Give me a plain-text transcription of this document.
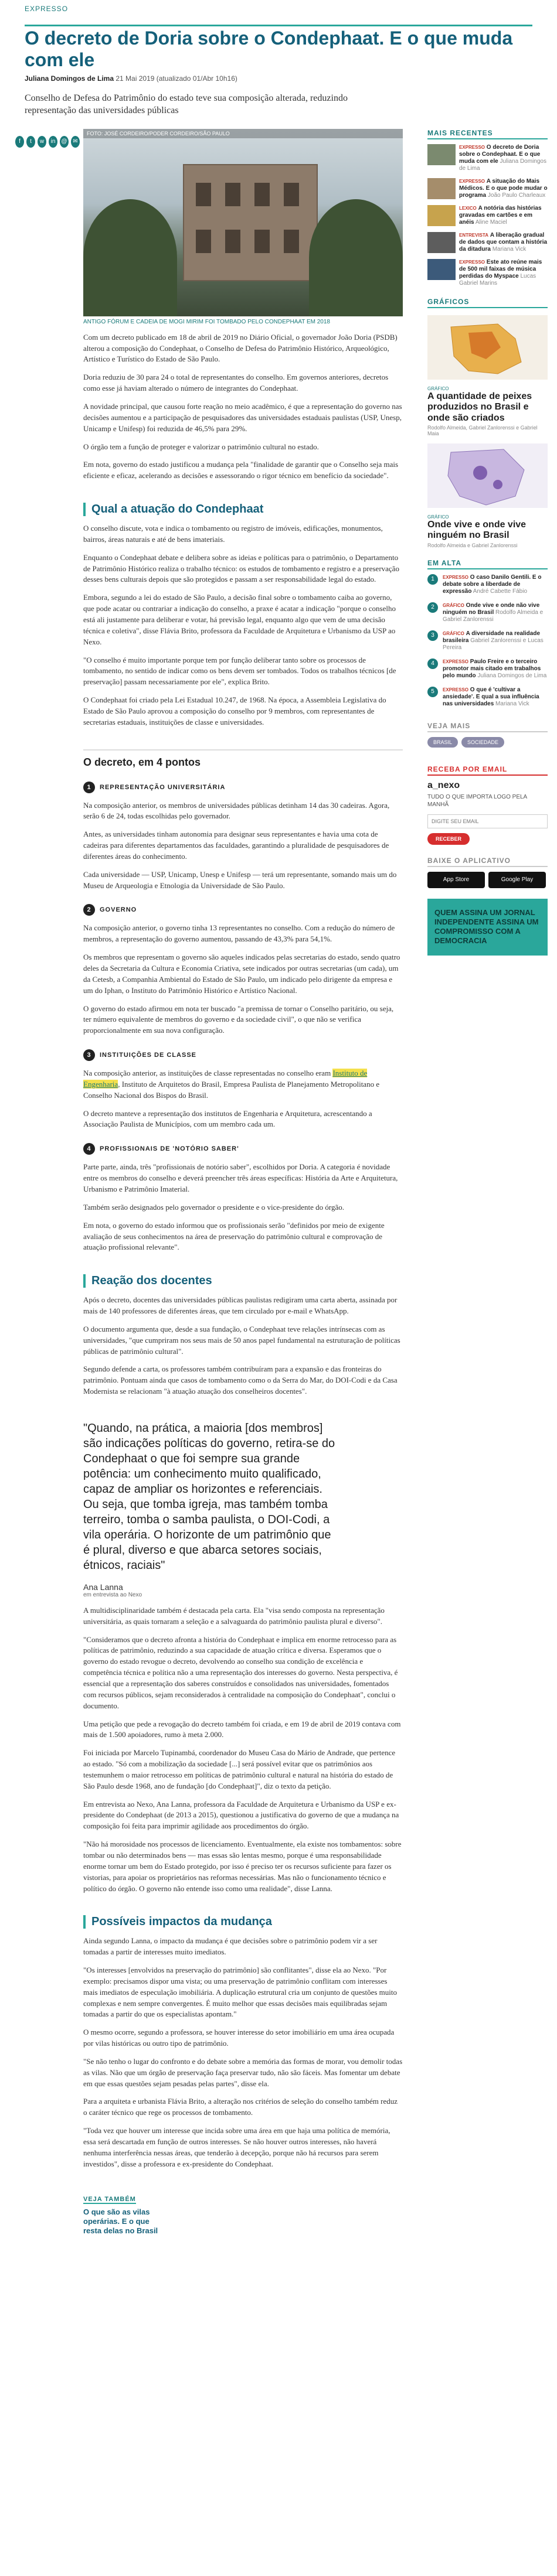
EXPRESSO

O decreto de Doria sobre o Condephaat. E o que muda com ele
Juliana Domingos de Lima 21 Mai 2019 (atualizado 01/Abr 10h16)

Conselho de Defesa do Patrimônio do estado teve sua composição alterada, reduzindo representação das universidades públicas

f	t	w	in	@ ✉
FOTO: JOSÉ CORDEIRO/PODER CORDEIRO/SÃO PAULO
ANTIGO FÓRUM E CADEIA DE MOGI MIRIM FOI TOMBADO PELO CONDEPHAAT EM 2018

Com um decreto publicado em 18 de abril de 2019 no Diário Oficial, o governador João Doria (PSDB) alterou a composição do Condephaat, o Conselho de Defesa do Patrimônio Histórico, Arqueológico, Artístico e Turístico do Estado de São Paulo.

Doria reduziu de 30 para 24 o total de representantes do conselho. Em governos anteriores, decretos como esse já haviam alterado o número de integrantes do Condephaat.

A novidade principal, que causou forte reação no meio acadêmico, é que a representação do governo nas decisões aumentou e a participação de pesquisadores das universidades estaduais paulistas (USP, Unesp, Unicamp e Unifesp) foi reduzida de 46,5% para 29%.

O órgão tem a função de proteger e valorizar o patrimônio cultural no estado.

Em nota, governo do estado justificou a mudança pela "finalidade de garantir que o Conselho seja mais eficiente e eficaz, acelerando as decisões e assessorando o rigor técnico em benefício da sociedade".

Qual a atuação do Condephaat

O conselho discute, vota e indica o tombamento ou registro de imóveis, edificações, monumentos, bairros, áreas naturais e até de bens imateriais.

Enquanto o Condephaat debate e delibera sobre as ideias e políticas para o patrimônio, o Departamento de Patrimônio Histórico realiza o trabalho técnico: os estudos de tombamento e registro e a preservação desses bens culturais depois que são protegidos e passam a ser responsabilidade legal do estado.

Embora, segundo a lei do estado de São Paulo, a decisão final sobre o tombamento caiba ao governo, que pode acatar ou contrariar a indicação do conselho, a praxe é acatar a indicação "porque o conselho está ali justamente para deliberar e votar, há previsão legal, enquanto algo que vem de uma decisão técnica e coletiva", disse Flávia Brito, professora da Faculdade de Arquitetura e Urbanismo da USP ao Nexo.

"O conselho é muito importante porque tem por função deliberar tanto sobre os processos de tombamento, no sentido de indicar como os bens devem ser tombados. Todos os trabalhos técnicos [de preservação] passam necessariamente por ele", explica Brito.

O Condephaat foi criado pela Lei Estadual 10.247, de 1968. Na época, a Assembleia Legislativa do Estado de São Paulo aprovou a composição do conselho por 9 membros, com representantes de secretarias estaduais, instituições de classe e universidades.

O decreto, em 4 pontos
1	REPRESENTAÇÃO UNIVERSITÁRIA

Na composição anterior, os membros de universidades públicas detinham 14 das 30 cadeiras. Agora, serão 6 de 24, todas escolhidas pelo governador.

Antes, as universidades tinham autonomia para designar seus representantes e havia uma cota de cadeiras para diferentes departamentos das faculdades, garantindo a pluralidade de pesquisadores de diferentes áreas do conhecimento.

Cada universidade — USP, Unicamp, Unesp e Unifesp — terá um representante, somando mais um do Museu de Arqueologia e Etnologia da Universidade de São Paulo.

2	GOVERNO

Na composição anterior, o governo tinha 13 representantes no conselho. Com a redução do número de membros, a representação do governo aumentou, passando de 43,3% para 54,1%.

Os membros que representam o governo são aqueles indicados pelas secretarias do estado, sendo quatro deles da Secretaria da Cultura e Economia Criativa, sete indicados por outras secretarias (um cada), um da Cetesb, a Companhia Ambiental do Estado de São Paulo, um indicado pelo dirigente da empresa e um do Iphan, o Instituto do Patrimônio Histórico e Artístico Nacional.

O governo do estado afirmou em nota ter buscado "a premissa de tornar o Conselho paritário, ou seja, ter número equivalente de membros do governo e da sociedade civil", o que não se verifica proporcionalmente em sua nova configuração.

3	INSTITUIÇÕES DE CLASSE

Na composição anterior, as instituições de classe representadas no conselho eram Instituto de Engenharia, Instituto de Arquitetos do Brasil, Empresa Paulista de Planejamento Metropolitano e Conselho Nacional dos Bispos do Brasil.

O decreto manteve a representação dos institutos de Engenharia e Arquitetura, acrescentando a Associação Paulista de Municípios, com um membro cada um.

4	PROFISSIONAIS DE 'NOTÓRIO SABER'

Parte parte, ainda, três "profissionais de notório saber", escolhidos por Doria. A categoria é novidade entre os membros do conselho e deverá preencher três áreas específicas: História da Arte e Arquitetura, Urbanismo e Patrimônio Imaterial.

Também serão designados pelo governador o presidente e o vice-presidente do órgão.

Em nota, o governo do estado informou que os profissionais serão "definidos por meio de exigente avaliação de seus conhecimentos na área de preservação do patrimônio cultural e comprovação de atuação profissional relevante".

Reação dos docentes

Após o decreto, docentes das universidades públicas paulistas redigiram uma carta aberta, assinada por mais de 140 professores de diferentes áreas, que tem circulado por e-mail e WhatsApp.

O documento argumenta que, desde a sua fundação, o Condephaat teve relações intrínsecas com as universidades, "que cumpriram nos seus mais de 50 anos papel fundamental na estruturação de políticas públicas de patrimônio cultural".

Segundo defende a carta, os professores também contribuíram para a expansão e das fronteiras do patrimônio. Pontuam ainda que casos de tombamento como o da Serra do Mar, do DOI-Codi e da Casa Modernista se relacionam "à atuação atuação dos conselheiros docentes".

"Quando, na prática, a maioria [dos membros] são indicações políticas do governo, retira-se do Condephaat o que foi sempre sua grande potência: um conhecimento muito qualificado, capaz de ampliar os horizontes e referenciais. Ou seja, que tomba igreja, mas também tomba terreiro, tomba o samba paulista, o DOI-Codi, a vila operária. O horizonte de um patrimônio que é plural, diverso e que abarca setores sociais, étnicos, raciais"
Ana Lanna
em entrevista ao Nexo

A multidisciplinaridade também é destacada pela carta. Ela "visa sendo composta na representação universitária, as quais tornaram a seleção e a salvaguarda do patrimônio paulista plural e diverso".

"Consideramos que o decreto afronta a história do Condephaat e implica em enorme retrocesso para as políticas de patrimônio, reduzindo a sua capacidade de atuação crítica e diversa. Esperamos que o governo do estado revogue o decreto, devolvendo ao conselho sua condição de excelência e competência técnica e política não a uma representação dos interesses do governo. Nesta perspectiva, é essencial que a representação dos saberes construídos e consolidados nas universidades, fomentados com recursos públicos, sejam reconsiderados à centralidade na composição do Condephaat", conclui o documento.

Uma petição que pede a revogação do decreto também foi criada, e em 19 de abril de 2019 contava com mais de 1.500 apoiadores, rumo à meta 2.000.

Foi iniciada por Marcelo Tupinambá, coordenador do Museu Casa do Mário de Andrade, que pertence ao estado. "Só com a mobilização da sociedade [...] será possível evitar que os patrimônios aos testemunhem o maior retrocesso em políticas de patrimônio cultural e natural na história do estado de São Paulo desde 1968, ano de fundação [do Condephaat]", diz o texto da petição.

Em entrevista ao Nexo, Ana Lanna, professora da Faculdade de Arquitetura e Urbanismo da USP e ex-presidente do Condephaat (de 2013 a 2015), questionou a justificativa do governo de que a mudança na composição foi feita para imprimir agilidade aos procedimentos do órgão.

"Não há morosidade nos processos de licenciamento. Eventualmente, ela existe nos tombamentos: sobre tombar ou não determinados bens — mas essas são lentas mesmo, porque é uma responsabilidade enorme tornar um bem do Estado protegido, por isso é preciso ter os recursos suficiente para fazer os vistorias, para apoiar os proprietários nas reformas necessárias. Mas não o funcionamento técnico e político do órgão. O governo não entende isso como uma realidade", disse Lanna.

Possíveis impactos da mudança

Ainda segundo Lanna, o impacto da mudança é que decisões sobre o patrimônio podem vir a ser tomadas a partir de interesses muito imediatos.

"Os interesses [envolvidos na preservação do patrimônio] são conflitantes", disse ela ao Nexo. "Por exemplo: precisamos dispor uma vista; ou uma preservação de patrimônio conflitam com interesses mais imediatos de especulação imobiliária. A duplicação estrutural cria um conjunto de questões muito complexas e nem sempre convergentes. É muito melhor que essas decisões mais equilibradas sejam tomadas a partir do que os especialistas apontam."

O mesmo ocorre, segundo a professora, se houver interesse do setor imobiliário em uma área ocupada por vilas históricas ou outro tipo de patrimônio.

"Se não tenho o lugar do confronto e do debate sobre a memória das formas de morar, vou demolir todas as vilas. Não que um órgão de preservação faça preservar tudo, não são fáceis. Mas fomentar um debate em que essas questões sejam pesadas pelas partes", disse ela.

Para a arquiteta e urbanista Flávia Brito, a alteração nos critérios de seleção do conselho também reduz o caráter técnico que rege os processos de tombamento.

"Toda vez que houver um interesse que incida sobre uma área em que haja uma política de memória, essa será descartada em função de outros interesses. Se não houver outros interesses, não haverá nenhuma interferência nessas áreas, que tenderão à decepção, porque não há recursos para serem investidos", disse a professora e ex-presidente do Condephaat.

VEJA TAMBÉM
O que são as vilas operárias. E o que resta delas no Brasil
MAIS RECENTES
EXPRESSO O decreto de Doria sobre o Condephaat. E o que muda com ele Juliana Domingos de Lima
EXPRESSO A situação do Mais Médicos. E o que pode mudar o programa João Paulo Charleaux
LEXICO A notória das histórias gravadas em cartões e em anéis Aline Maciel
ENTREVISTA A liberação gradual de dados que contam a história da ditadura Mariana Vick
EXPRESSO Este ato reúne mais de 500 mil faixas de música perdidas do Myspace Lucas Gabriel Marins
GRÁFICOS
GRÁFICO
A quantidade de peixes produzidos no Brasil e onde são criados
Rodolfo Almeida, Gabriel Zanlorenssi e Gabriel Maia
GRÁFICO
Onde vive e onde vive ninguém no Brasil
Rodolfo Almeida e Gabriel Zanlorenssi
EM ALTA
1	EXPRESSO O caso Danilo Gentili. E o debate sobre a liberdade de expressão André Cabette Fábio
2	GRÁFICO Onde vive e onde não vive ninguém no Brasil Rodolfo Almeida e Gabriel Zanlorenssi
3	GRÁFICO A diversidade na realidade brasileira Gabriel Zanlorenssi e Lucas Pereira
4	EXPRESSO Paulo Freire e o terceiro promotor mais citado em trabalhos pelo mundo Juliana Domingos de Lima
5	EXPRESSO O que é 'cultivar a ansiedade'. E qual a sua influência nas universidades Mariana Vick
VEJA MAIS
BRASIL	SOCIEDADE
RECEBA POR EMAIL
a_nexo
TUDO O QUE IMPORTA LOGO PELA MANHÃ
Digite seu email RECEBER
BAIXE O APLICATIVO
App Store	Google Play
QUEM ASSINA UM JORNAL INDEPENDENTE ASSINA UM COMPROMISSO COM A DEMOCRACIA
